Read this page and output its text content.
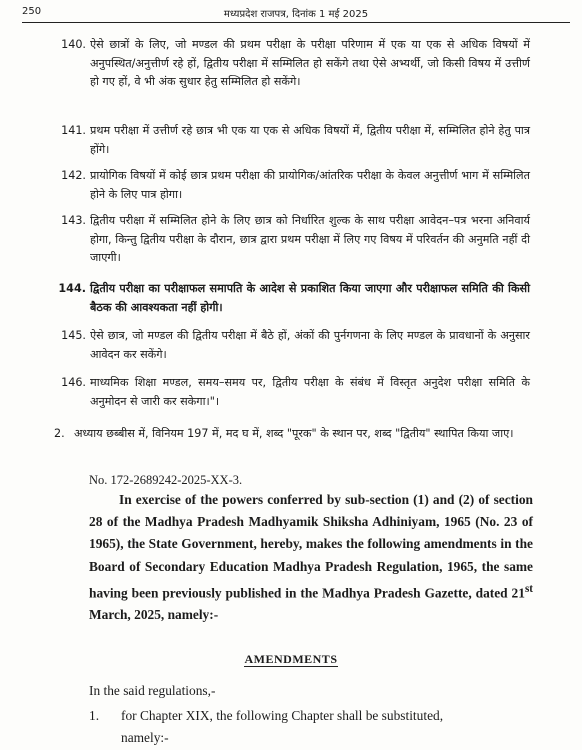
250	मध्यप्रदेश राजपत्र, दिनांक 1 मई 2025
140. ऐसे छात्रों के लिए, जो मण्डल की प्रथम परीक्षा के परीक्षा परिणाम में एक या एक से अधिक विषयों में अनुपस्थित/अनुत्तीर्ण रहे हों, द्वितीय परीक्षा में सम्मिलित हो सकेंगे तथा ऐसे अभ्यर्थी, जो किसी विषय में उत्तीर्ण हो गए हों, वे भी अंक सुधार हेतु सम्मिलित हो सकेंगे।
141. प्रथम परीक्षा में उत्तीर्ण रहे छात्र भी एक या एक से अधिक विषयों में, द्वितीय परीक्षा में, सम्मिलित होने हेतु पात्र होंगे।
142. प्रायोगिक विषयों में कोई छात्र प्रथम परीक्षा की प्रायोगिक/आंतरिक परीक्षा के केवल अनुत्तीर्ण भाग में सम्मिलित होने के लिए पात्र होगा।
143. द्वितीय परीक्षा में सम्मिलित होने के लिए छात्र को निर्धारित शुल्क के साथ परीक्षा आवेदन–पत्र भरना अनिवार्य होगा, किन्तु द्वितीय परीक्षा के दौरान, छात्र द्वारा प्रथम परीक्षा में लिए गए विषय में परिवर्तन की अनुमति नहीं दी जाएगी।
144. द्वितीय परीक्षा का परीक्षाफल समापति के आदेश से प्रकाशित किया जाएगा और परीक्षाफल समिति की किसी बैठक की आवश्यकता नहीं होगी।
145. ऐसे छात्र, जो मण्डल की द्वितीय परीक्षा में बैठे हों, अंकों की पुर्नगणना के लिए मण्डल के प्रावधानों के अनुसार आवेदन कर सकेंगे।
146. माध्यमिक शिक्षा मण्डल, समय–समय पर, द्वितीय परीक्षा के संबंध में विस्तृत अनुदेश परीक्षा समिति के अनुमोदन से जारी कर सकेगा।"।
2. अध्याय छब्बीस में, विनियम 197 में, मद घ में, शब्द "पूरक" के स्थान पर, शब्द "द्वितीय" स्थापित किया जाए।
No. 172-2689242-2025-XX-3.
In exercise of the powers conferred by sub-section (1) and (2) of section 28 of the Madhya Pradesh Madhyamik Shiksha Adhiniyam, 1965 (No. 23 of 1965), the State Government, hereby, makes the following amendments in the Board of Secondary Education Madhya Pradesh Regulation, 1965, the same having been previously published in the Madhya Pradesh Gazette, dated 21st March, 2025, namely:-
AMENDMENTS
In the said regulations,-
1. for Chapter XIX, the following Chapter shall be substituted,
namely:-
